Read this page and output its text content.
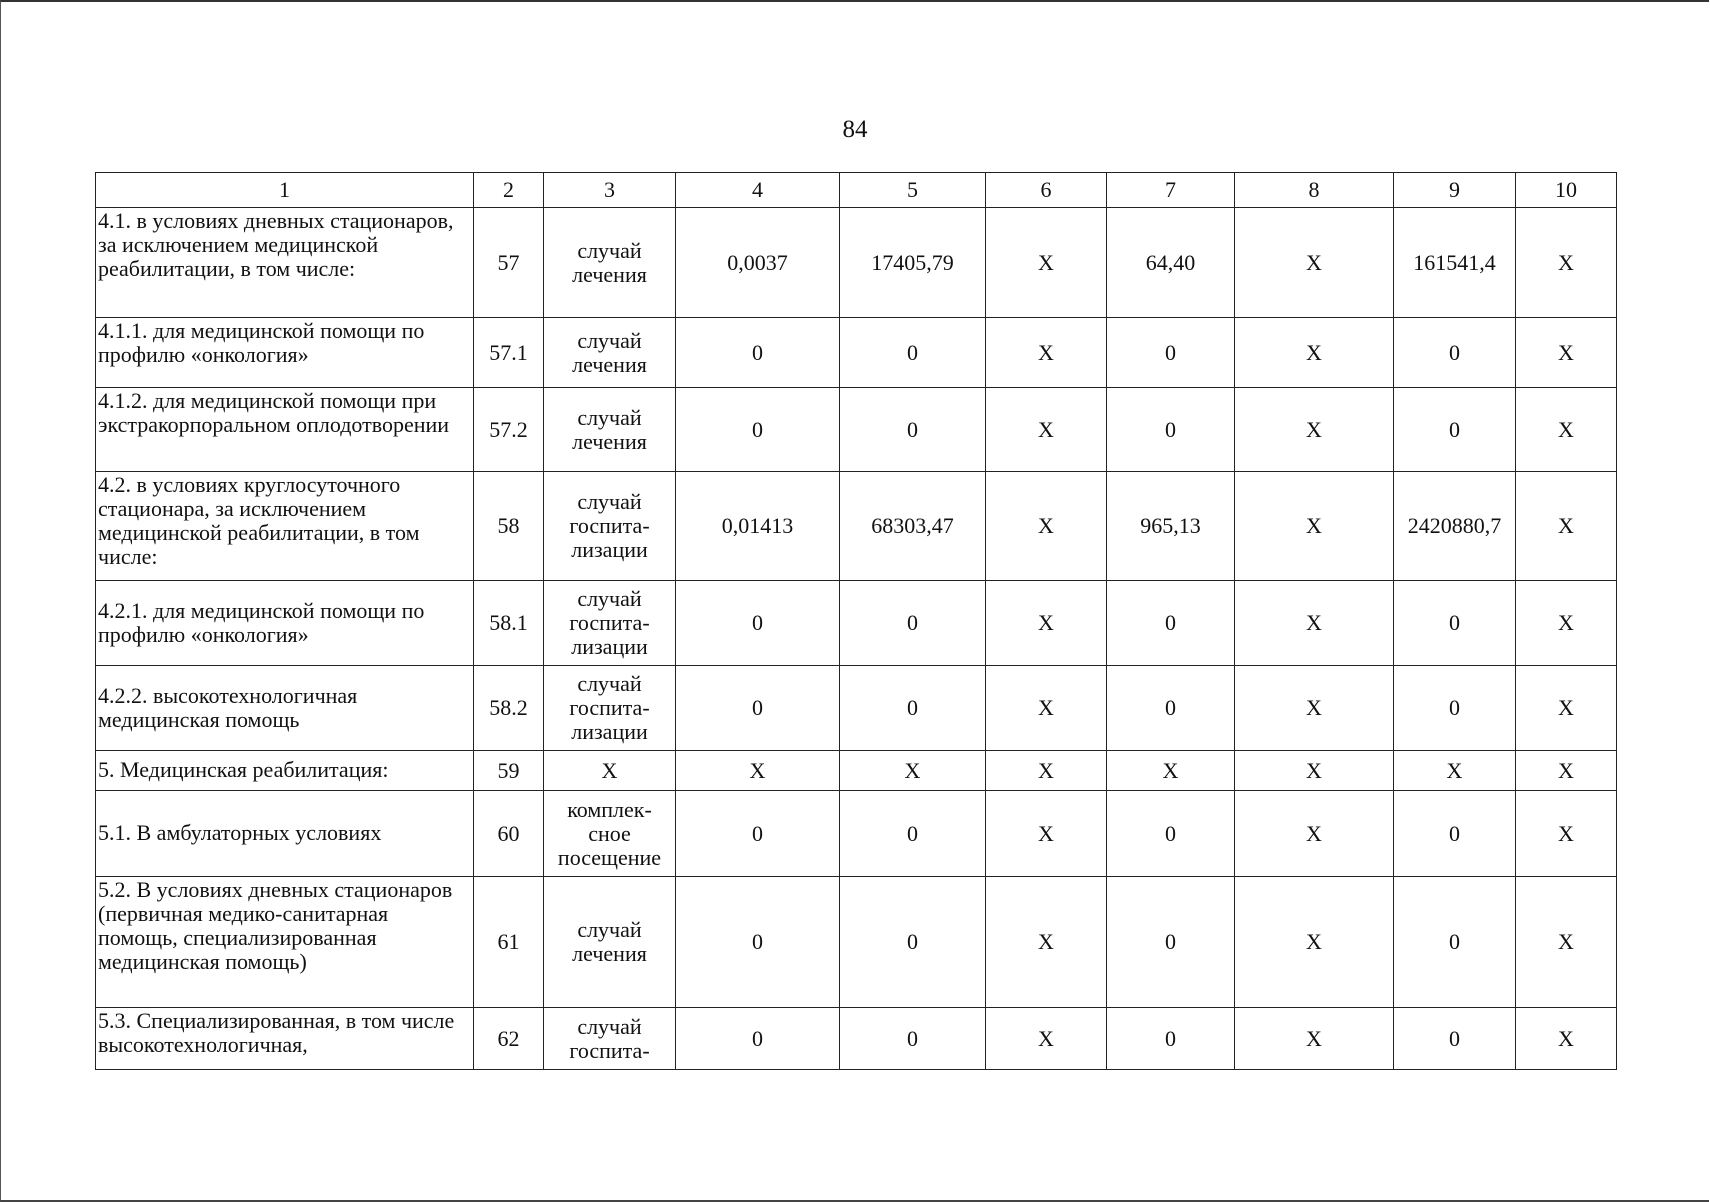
84
1	2	3	4	5	6	7	8	9	10
4.1. в условиях дневных стационаров, за исключением медицинской реабилитации, в том числе:	57	случай
лечения	0,0037	17405,79	X	64,40	X	161541,4	X
4.1.1. для медицинской помощи по профилю «онкология»	57.1	случай
лечения	0	0	X	0	X	0	X
4.1.2. для медицинской помощи при экстракорпоральном оплодотворении	57.2	случай
лечения	0	0	X	0	X	0	X
4.2. в условиях круглосуточного стационара, за исключением медицинской реабилитации, в том числе:	58	случай
госпита-
лизации	0,01413	68303,47	X	965,13	X	2420880,7	X
4.2.1. для медицинской помощи по профилю «онкология»	58.1	случай
госпита-
лизации	0	0	X	0	X	0	X
4.2.2. высокотехнологичная медицинская помощь	58.2	случай
госпита-
лизации	0	0	X	0	X	0	X
5. Медицинская реабилитация:	59	X	X	X	X	X	X	X	X
5.1. В амбулаторных условиях	60	комплек-
сное
посещение	0	0	X	0	X	0	X
5.2. В условиях дневных стационаров (первичная медико-санитарная помощь, специализированная медицинская помощь)	61	случай
лечения	0	0	X	0	X	0	X
5.3. Специализированная, в том числе высокотехнологичная,	62	случай
госпита-	0	0	X	0	X	0	X
